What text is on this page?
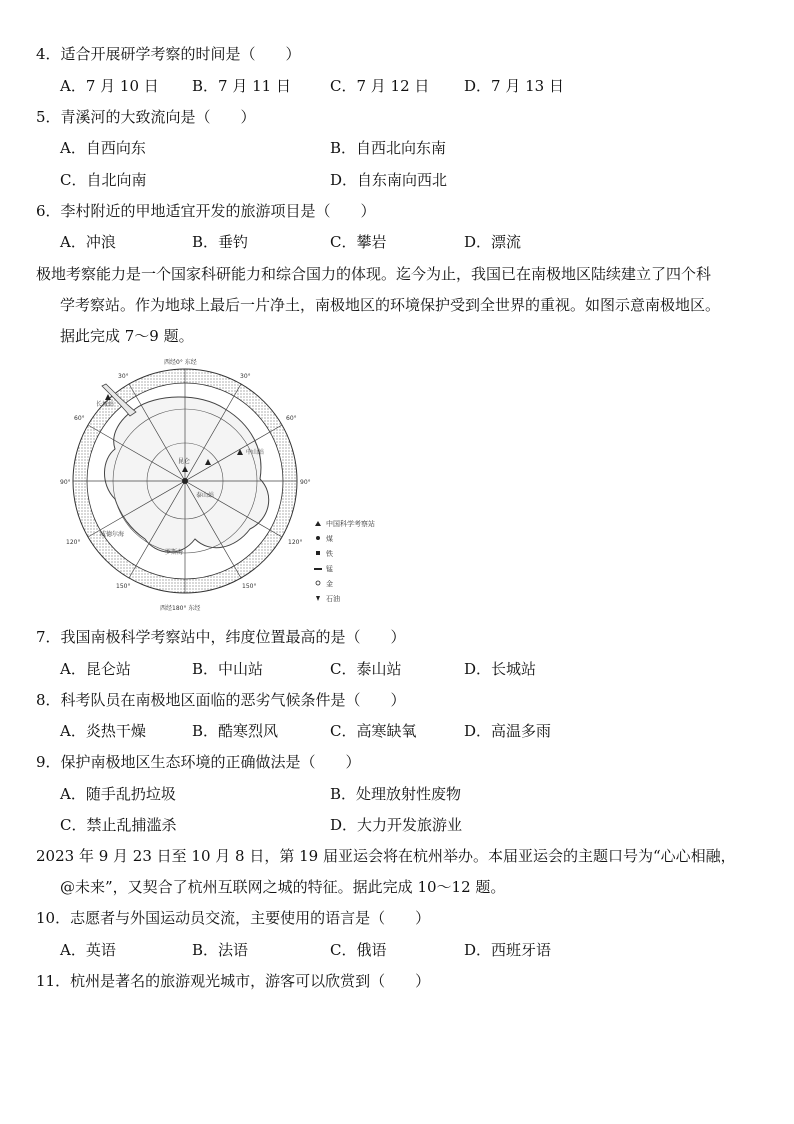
4．适合开展研学考察的时间是（　　）
A．7 月 10 日 B．7 月 11 日	C．7 月 12 日 D．7 月 13 日
5．青溪河的大致流向是（　　）
A．自西向东	B．自西北向东南
C．自北向南	D．自东南向西北
6．李村附近的甲地适宜开发的旅游项目是（　　）
A．冲浪	B．垂钓	C．攀岩	D．漂流
极地考察能力是一个国家科研能力和综合国力的体现。迄今为止，我国已在南极地区陆续建立了四个科
学考察站。作为地球上最后一片净土，南极地区的环境保护受到全世界的重视。如图示意南极地区。
据此完成 7～9 题。
长城站
昆仑
中山站
泰山站
罗斯海
威德尔海
西经0° 东经
西经180° 东经
30°	30°
60°	60°
90°	90°
120°	120°
150°	150°
中国科学考察站
煤
铁
锰
金
石油
7．我国南极科学考察站中，纬度位置最高的是（　　）
A．昆仑站	B．中山站	C．泰山站	D．长城站
8．科考队员在南极地区面临的恶劣气候条件是（　　）
A．炎热干燥	B．酷寒烈风	C．高寒缺氧	D．高温多雨
9．保护南极地区生态环境的正确做法是（　　）
A．随手乱扔垃圾	B．处理放射性废物
C．禁止乱捕滥杀	D．大力开发旅游业
2023 年 9 月 23 日至 10 月 8 日，第 19 届亚运会将在杭州举办。本届亚运会的主题口号为“心心相融，
@未来”，又契合了杭州互联网之城的特征。据此完成 10～12 题。
10．志愿者与外国运动员交流，主要使用的语言是（　　）
A．英语	B．法语	C．俄语	D．西班牙语
11．杭州是著名的旅游观光城市，游客可以欣赏到（　　）
